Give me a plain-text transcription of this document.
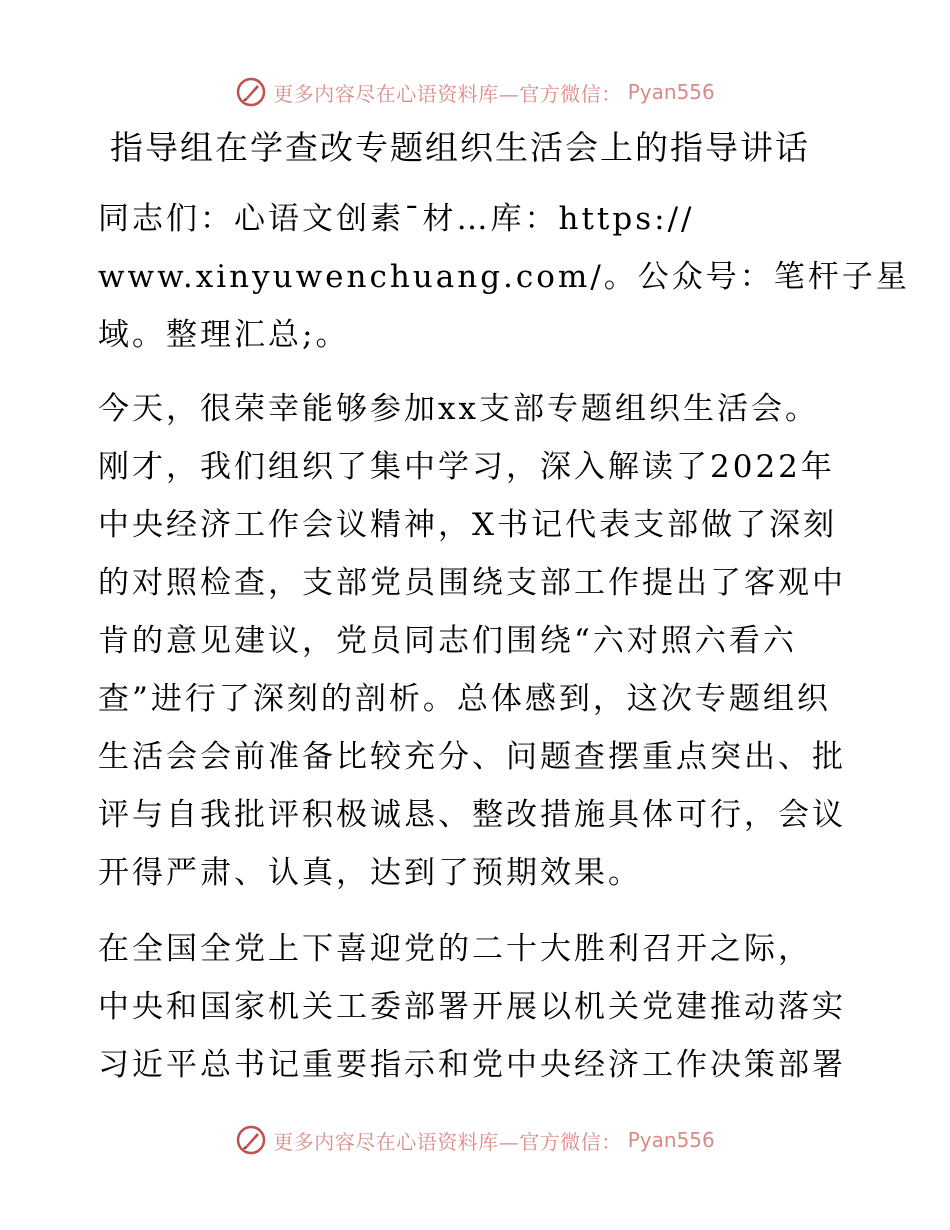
更多内容尽在心语资料库—官方微信： Pyan556
指导组在学查改专题组织生活会上的指导讲话
同志们：心语文创素¯材…库：https://
www.xinyuwenchuang.com/。公众号：笔杆子星
域。整理汇总;。
今天，很荣幸能够参加xx支部专题组织生活会。
刚才，我们组织了集中学习，深入解读了2022年
中央经济工作会议精神，X书记代表支部做了深刻
的对照检查，支部党员围绕支部工作提出了客观中
肯的意见建议，党员同志们围绕“六对照六看六
查”进行了深刻的剖析。总体感到，这次专题组织
生活会会前准备比较充分、问题查摆重点突出、批
评与自我批评积极诚恳、整改措施具体可行，会议
开得严肃、认真，达到了预期效果。
在全国全党上下喜迎党的二十大胜利召开之际，
中央和国家机关工委部署开展以机关党建推动落实
习近平总书记重要指示和党中央经济工作决策部署
更多内容尽在心语资料库—官方微信： Pyan556
